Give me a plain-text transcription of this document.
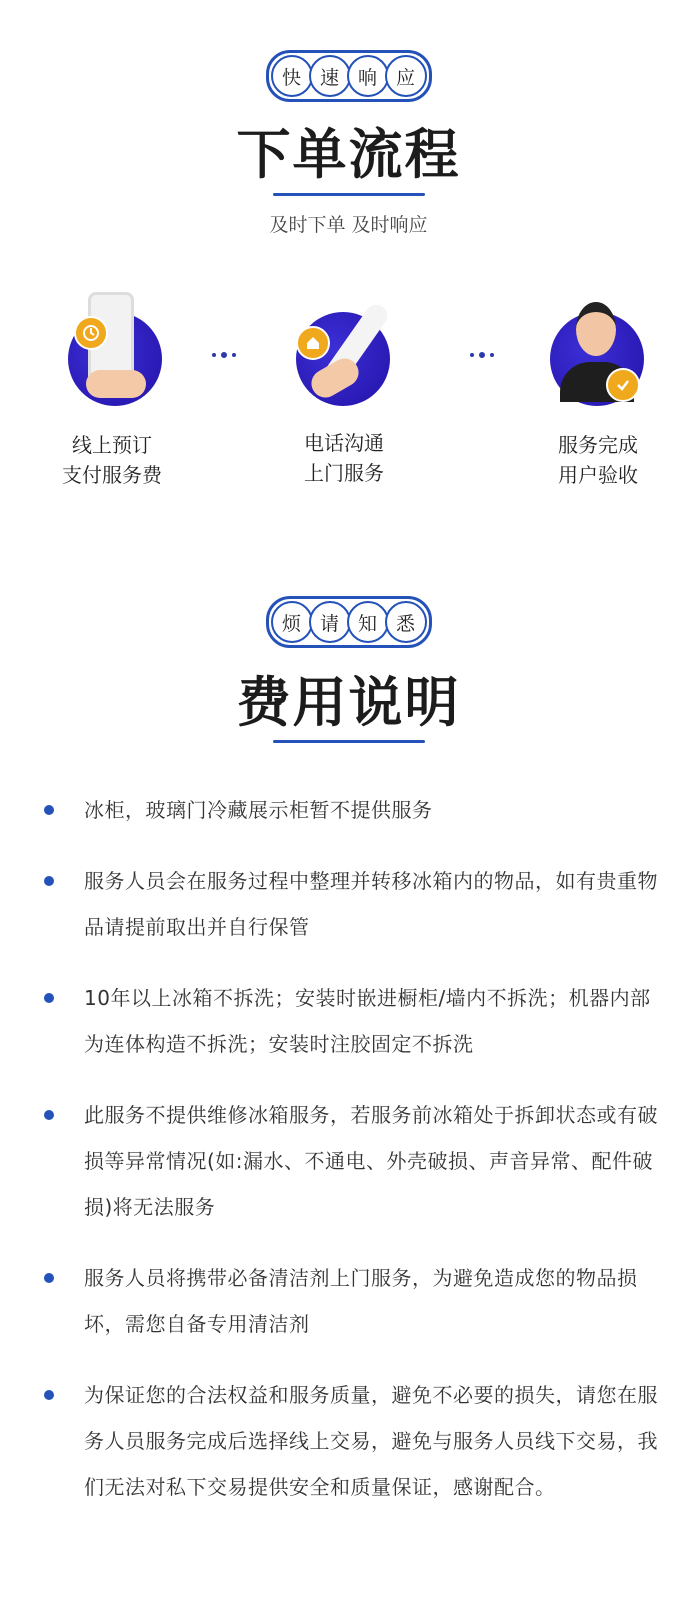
快 速 响 应
下单流程
及时下单 及时响应
线上预订
支付服务费
电话沟通
上门服务
服务完成
用户验收
烦 请 知 悉
费用说明
冰柜，玻璃门冷藏展示柜暂不提供服务
服务人员会在服务过程中整理并转移冰箱内的物品，如有贵重物品请提前取出并自行保管
10年以上冰箱不拆洗；安装时嵌进橱柜/墙内不拆洗；机器内部为连体构造不拆洗；安装时注胶固定不拆洗
此服务不提供维修冰箱服务，若服务前冰箱处于拆卸状态或有破损等异常情况(如:漏水、不通电、外壳破损、声音异常、配件破损)将无法服务
服务人员将携带必备清洁剂上门服务，为避免造成您的物品损坏，需您自备专用清洁剂
为保证您的合法权益和服务质量，避免不必要的损失，请您在服务人员服务完成后选择线上交易，避免与服务人员线下交易，我们无法对私下交易提供安全和质量保证，感谢配合。
